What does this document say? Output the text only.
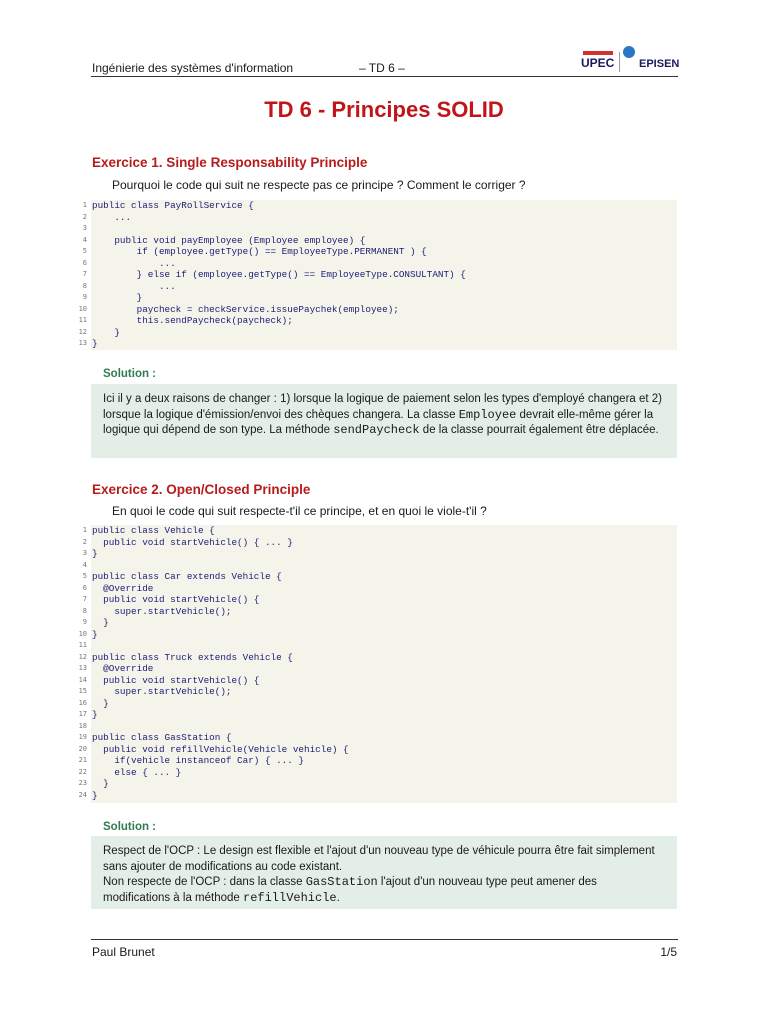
Ingénierie des systèmes d'information	– TD 6 –	UPEC EPISEN
TD 6 - Principes SOLID
Exercice 1. Single Responsability Principle
Pourquoi le code qui suit ne respecte pas ce principe ? Comment le corriger ?
1 public class PayRollService {
2 ...
3
4 public void payEmployee (Employee employee) {
5 if (employee.getType() == EmployeeType.PERMANENT ) {
6 ...
7 } else if (employee.getType() == EmployeeType.CONSULTANT) {
8 ...
9 }
10 paycheck = checkService.issuePaychek(employee);
11 this.sendPaycheck(paycheck);
12 }
13 }
Solution :

Ici il y a deux raisons de changer : 1) lorsque la logique de paiement selon les types d'employé changera et 2) lorsque la logique d'émission/envoi des chèques changera. La classe Employee devrait elle-même gérer la logique qui dépend de son type. La méthode sendPaycheck de la classe pourrait également être déplacée.

Exercice 2. Open/Closed Principle
En quoi le code qui suit respecte-t'il ce principe, et en quoi le viole-t'il ?
1 public class Vehicle {
2 public void startVehicle() { ... }
3 }
4
5 public class Car extends Vehicle {
6 @Override
7 public void startVehicle() {
8 super.startVehicle();
9 }
10 }
11
12 public class Truck extends Vehicle {
13 @Override
14 public void startVehicle() {
15 super.startVehicle();
16 }
17 }
18
19 public class GasStation {
20 public void refillVehicle(Vehicle vehicle) {
21 if(vehicle instanceof Car) { ... }
22 else { ... }
23 }
24 }
Solution :

Respect de l'OCP : Le design est flexible et l'ajout d'un nouveau type de véhicule pourra être fait simplement sans ajouter de modifications au code existant.

Non respecte de l'OCP : dans la classe GasStation l'ajout d'un nouveau type peut amener des modifications à la méthode refillVehicle.

Paul Brunet	1/5
